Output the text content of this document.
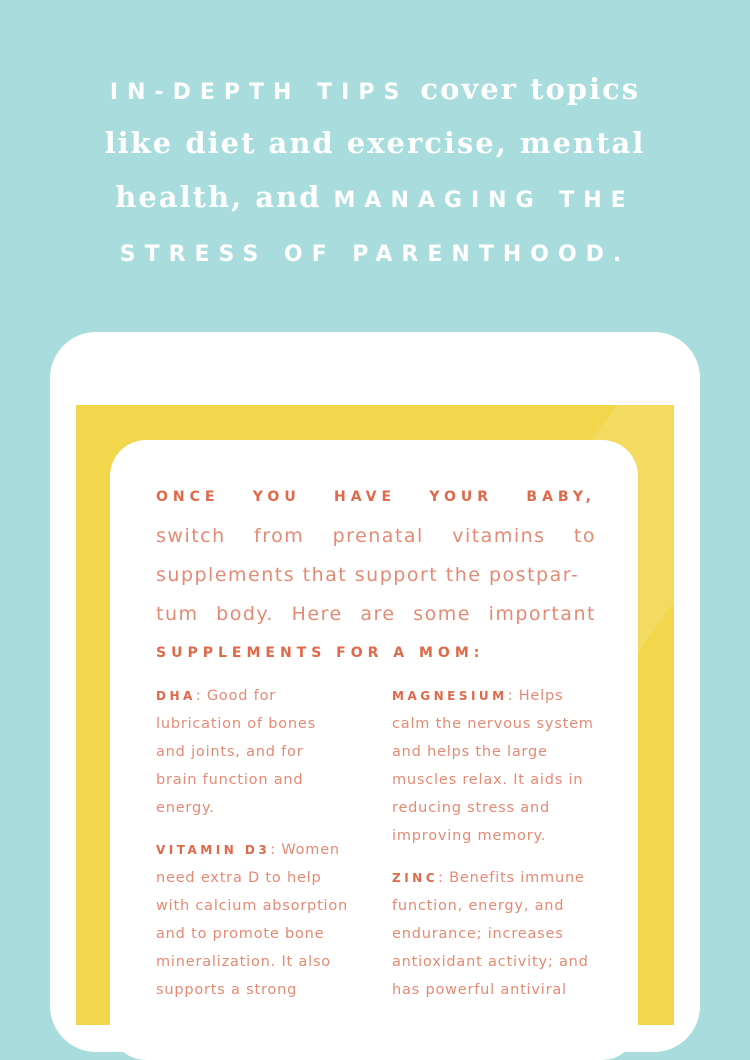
IN-DEPTH TIPS cover topics
like diet and exercise, mental
health, and MANAGING THE
STRESS OF PARENTHOOD.
ONCE YOU HAVE YOUR BABY,
switch from prenatal vitamins to
supplements that support the postpar-
tum body. Here are some important
SUPPLEMENTS FOR A MOM:
DHA: Good for
lubrication of bones
and joints, and for
brain function and
energy.
VITAMIN D3: Women
need extra D to help
with calcium absorption
and to promote bone
mineralization. It also
supports a strong
MAGNESIUM: Helps
calm the nervous system
and helps the large
muscles relax. It aids in
reducing stress and
improving memory.
ZINC: Benefits immune
function, energy, and
endurance; increases
antioxidant activity; and
has powerful antiviral
